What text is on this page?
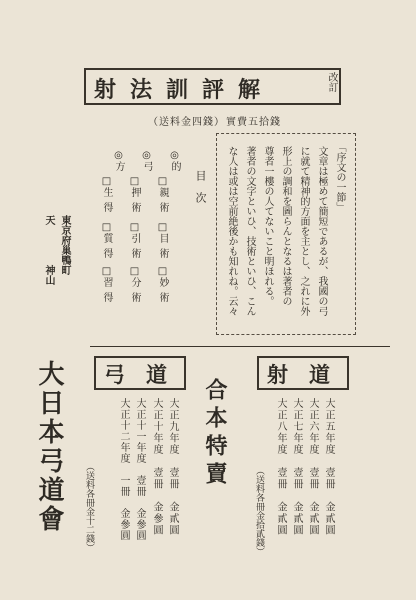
射法訓評解	改訂
實費五拾錢
（送料金四錢）
「序文の一節」
文章は極めて簡短であるが、我國の弓
に就て精神的方面を主とし、之れに外
形上の調和を圖らんとなるは著者の
尊者一樓の人てないこと明ほれる。
著者の文字といひ、技術といひ、こん
な人は或は空前絶後かも知れね。云々
目　次
◎的
□親
術
□目
術
□妙
術
◎弓
□押
術
□引
術
□分
術
◎方
□生
得
□質
得
□習
得
東京府巢鴨町
天　　　　神山
大日本弓道會	射　道
大正五年度　壹冊　金貳圓
大正六年度　壹冊　金貳圓
大正七年度　壹冊　金貳圓
大正八年度　壹冊　金貳圓
（送料各冊金拾貳錢）
合本特賣
弓　道
大正九年度　壹冊　金貳圓
大正十年度　壹冊　金參圓
大正十一年度　壹冊　金參圓
大正十二年度　一冊　金參圓
（送料各冊金十二錢）
